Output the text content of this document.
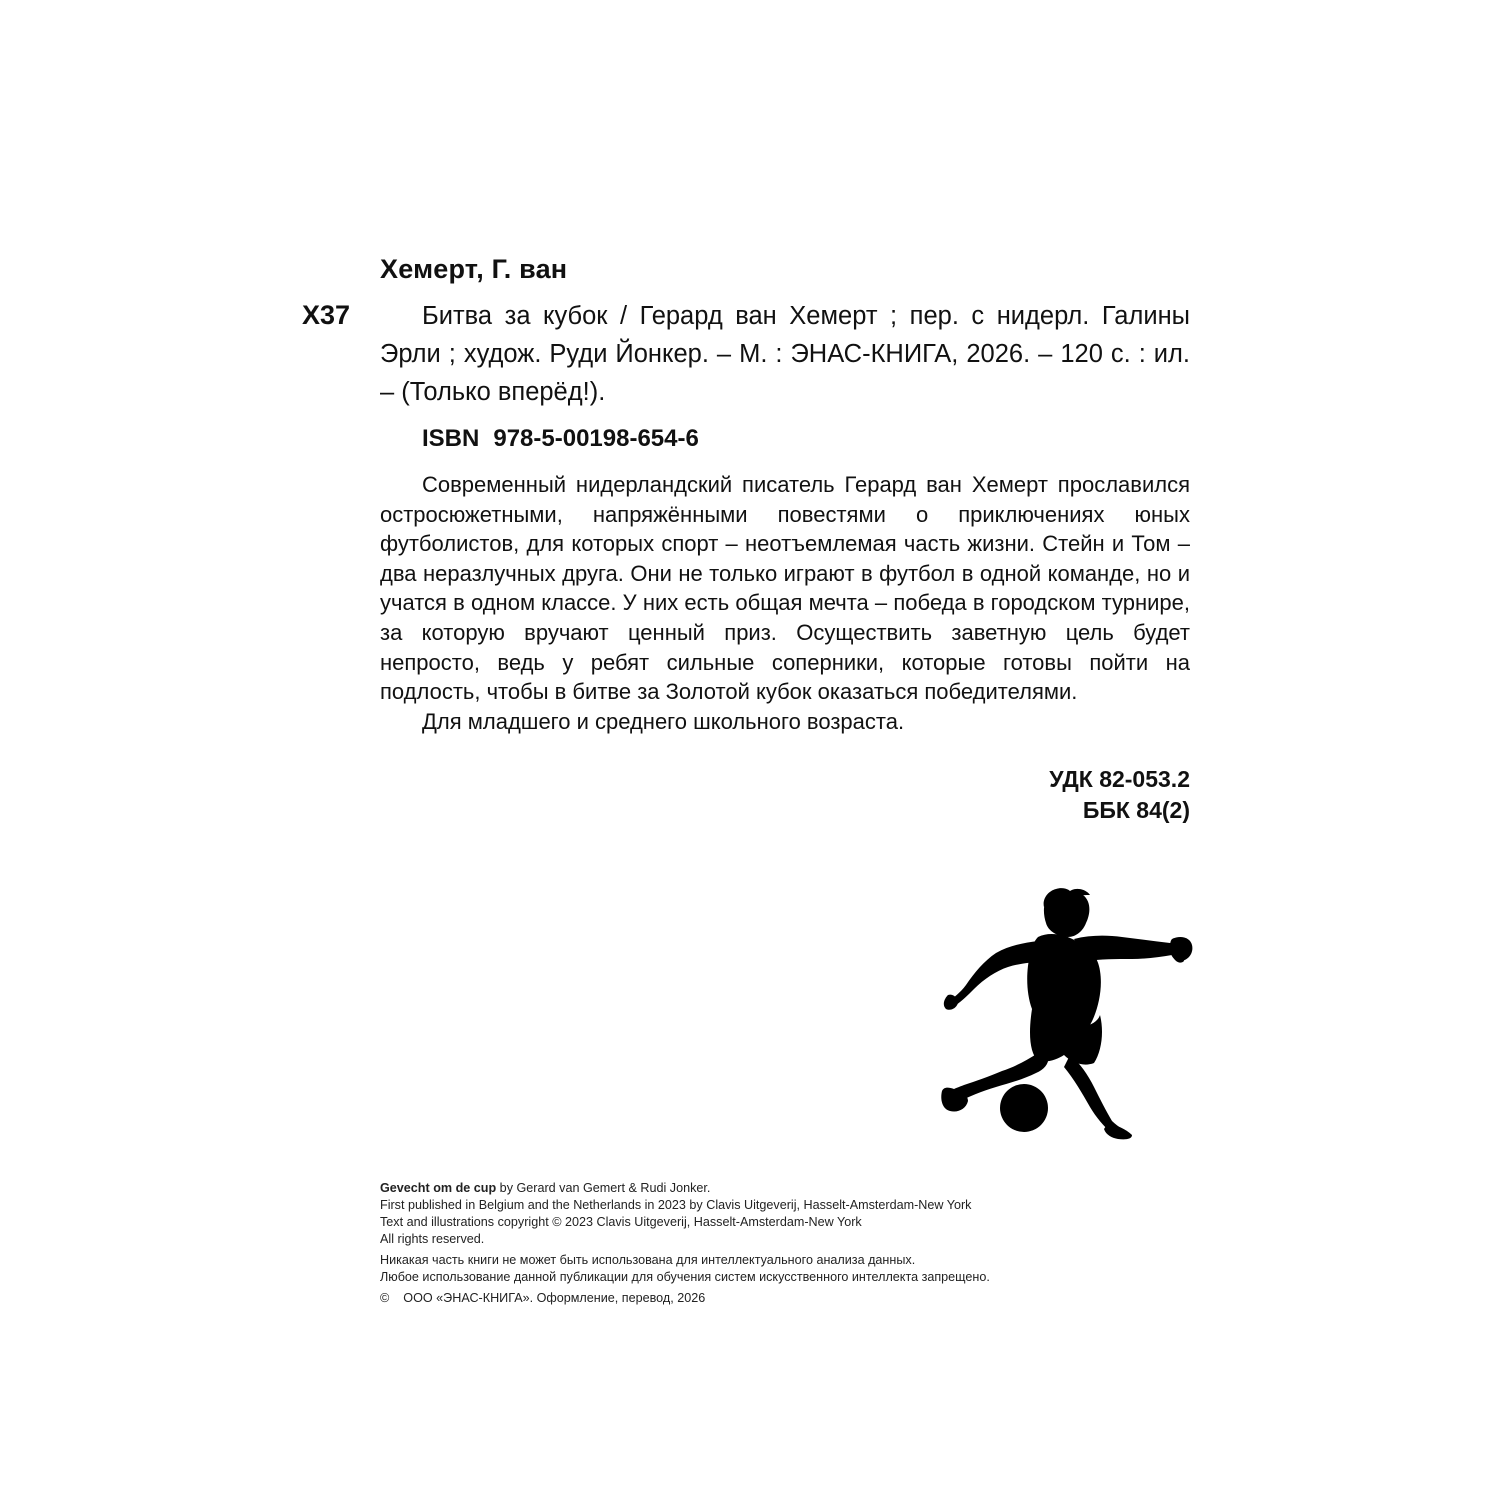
Хемерт, Г. ван
Х37	Битва за кубок / Герард ван Хемерт ; пер. с нидерл. Галины Эрли ; худож. Руди Йонкер. – М. : ЭНАС-КНИГА, 2026. – 120 с. : ил. – (Только вперёд!).
ISBN 978-5-00198-654-6

Современный нидерландский писатель Герард ван Хемерт прославился остросюжетными, напряжёнными повестями о приключениях юных футболистов, для которых спорт – неотъемлемая часть жизни. Стейн и Том – два неразлучных друга. Они не только играют в футбол в одной команде, но и учатся в одном классе. У них есть общая мечта – победа в городском турнире, за которую вручают ценный приз. Осуществить заветную цель будет непросто, ведь у ребят сильные соперники, которые готовы пойти на подлость, чтобы в битве за Золотой кубок оказаться победителями.

Для младшего и среднего школьного возраста.

УДК 82-053.2
ББК 84(2)
Gevecht om de cup by Gerard van Gemert & Rudi Jonker.
First published in Belgium and the Netherlands in 2023 by Clavis Uitgeverij, Hasselt-Amsterdam-New York
Text and illustrations copyright © 2023 Clavis Uitgeverij, Hasselt-Amsterdam-New York
All rights reserved.
Никакая часть книги не может быть использована для интеллектуального анализа данных.
Любое использование данной публикации для обучения систем искусственного интеллекта запрещено.
© ООО «ЭНАС-КНИГА». Оформление, перевод, 2026
